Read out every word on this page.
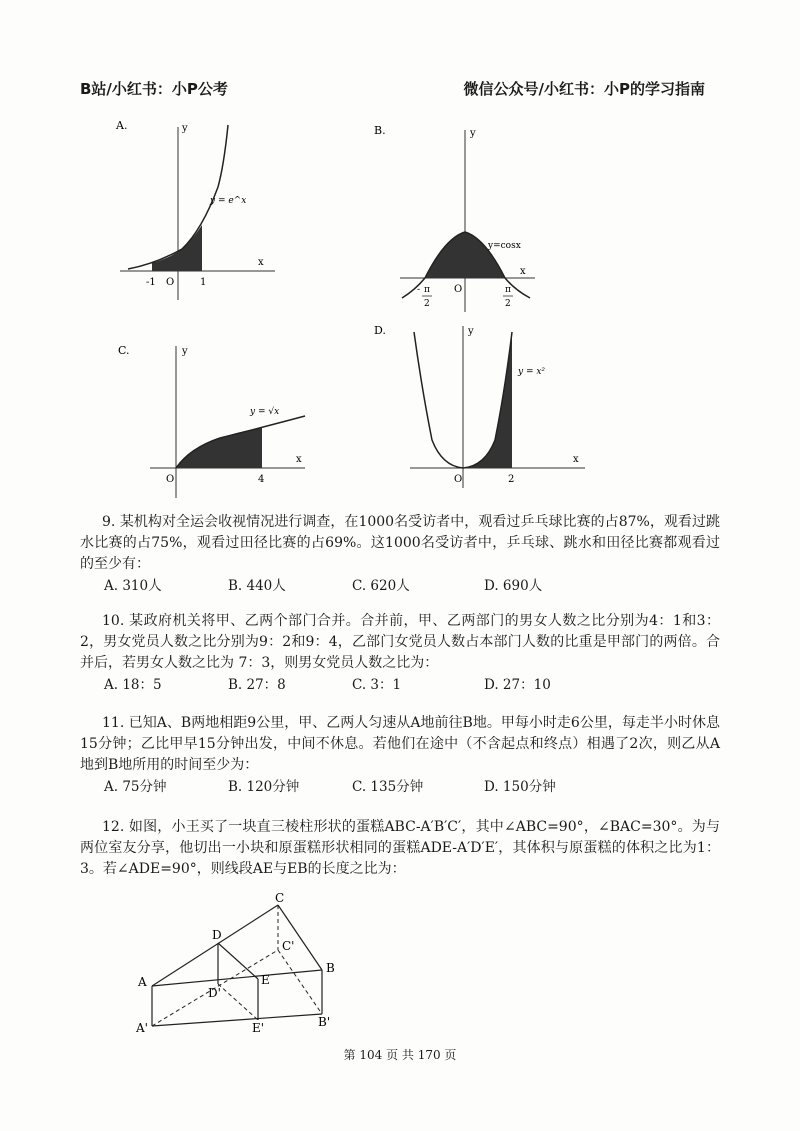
B站/小红书：小P公考	微信公众号/小红书：小P的学习指南
A.	y
x
O
-1	1
y = e^x
B.	y
x
O
y=cosx
- π
2
π
2
C.	y
x
O	4
y = √x
D.	y
x
O	2
y = x²

9. 某机构对全运会收视情况进行调查，在1000名受访者中，观看过乒乓球比赛的占87%，观看过跳水比赛的占75%，观看过田径比赛的占69%。这1000名受访者中，乒乓球、跳水和田径比赛都观看过的至少有：

A. 310人	B. 440人	C. 620人	D. 690人

10. 某政府机关将甲、乙两个部门合并。合并前，甲、乙两部门的男女人数之比分别为4：1和3：2，男女党员人数之比分别为9：2和9：4，乙部门女党员人数占本部门人数的比重是甲部门的两倍。合并后，若男女人数之比为 7：3，则男女党员人数之比为：

A. 18：5	B. 27：8	C. 3：1	D. 27：10

11. 已知A、B两地相距9公里，甲、乙两人匀速从A地前往B地。甲每小时走6公里，每走半小时休息15分钟；乙比甲早15分钟出发，中间不休息。若他们在途中（不含起点和终点）相遇了2次，则乙从A地到B地所用的时间至少为：

A. 75分钟	B. 120分钟	C. 135分钟	D. 150分钟

12. 如图，小王买了一块直三棱柱形状的蛋糕ABC-A′B′C′，其中∠ABC=90°，∠BAC=30°。为与两位室友分享，他切出一小块和原蛋糕形状相同的蛋糕ADE-A′D′E′，其体积与原蛋糕的体积之比为1：3。若∠ADE=90°，则线段AE与EB的长度之比为：

C
D
C'
A
B
E
D'
A'	B'
E'
第 104 页 共 170 页
